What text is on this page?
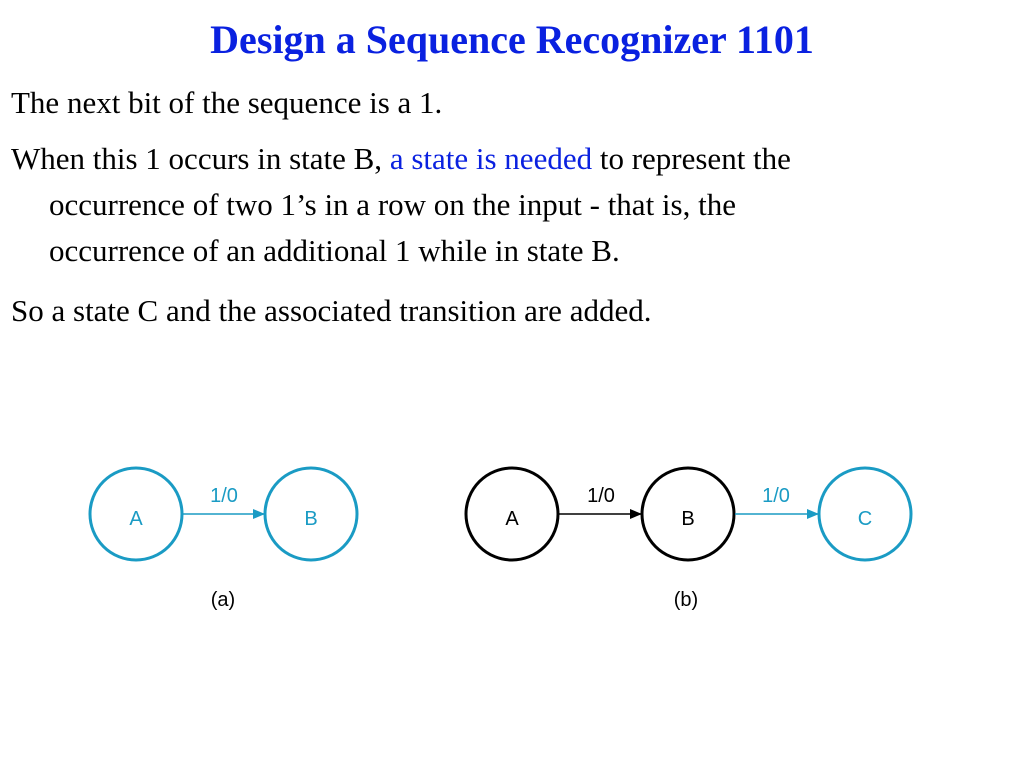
Design a Sequence Recognizer 1101
The next bit of the sequence is a 1.
When this 1 occurs in state B, a state is needed to represent the
occurrence of two 1’s in a row on the input - that is, the
occurrence of an additional 1 while in state B.
So a state C and the associated transition are added.
A	B
1/0
(a)
A	B	C
1/0	1/0
(b)
